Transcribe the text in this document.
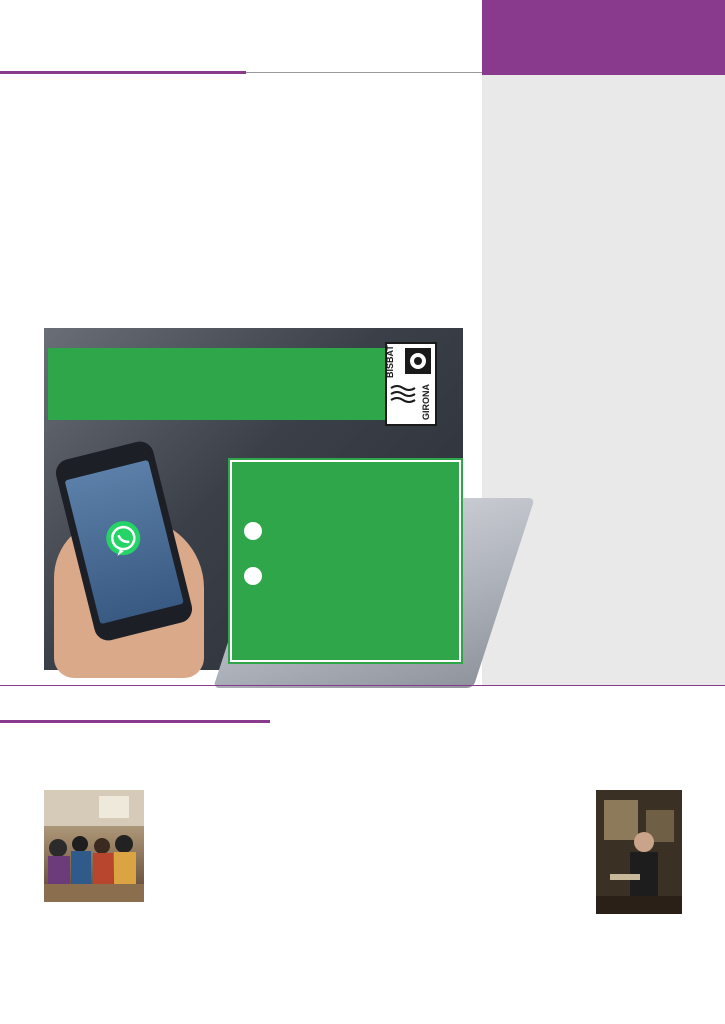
BISBAT
GIRONA
